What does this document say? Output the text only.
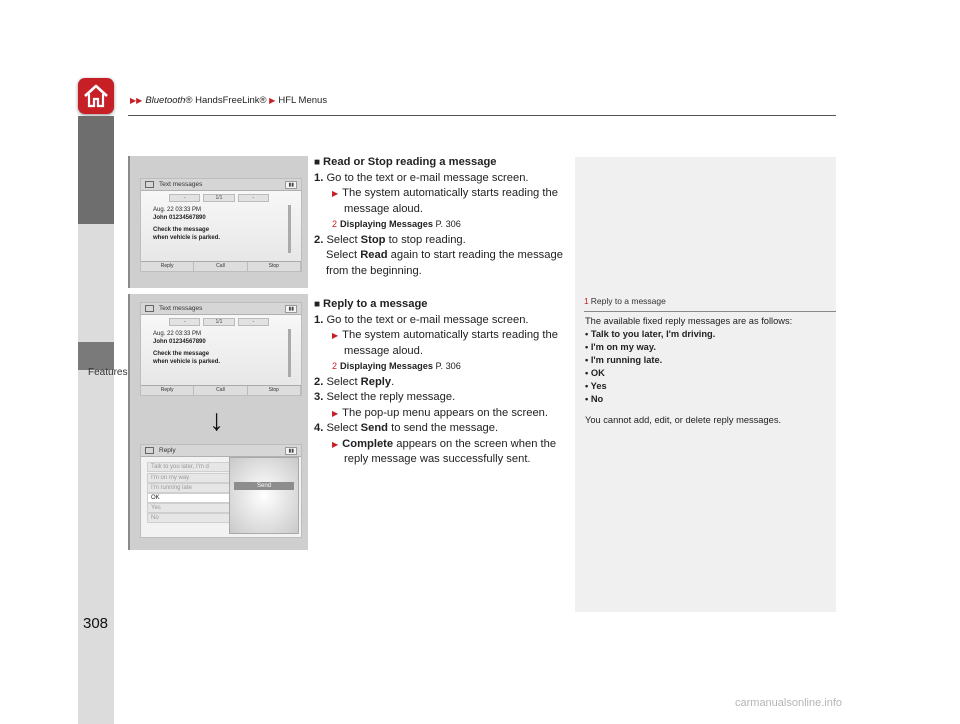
▶▶ Bluetooth® HandsFreeLink® ▶ HFL Menus
Features
Text messages	▮▮
-	1/1	-
Aug. 22 03:33 PM
John 01234567890
Check the message
when vehicle is parked.
Reply	Call	Stop
Text messages	▮▮
-	1/1	-
Aug. 22 03:33 PM
John 01234567890
Check the message
when vehicle is parked.
Reply	Call	Stop
Reply	▮▮
Talk to you later, I'm d
I'm on my way
I'm running late
OK
Yes
No
Send
↓
■ Read or Stop reading a message
1. Go to the text or e-mail message screen.
▶ The system automatically starts reading the message aloud.
2 Displaying Messages P. 306
2. Select Stop to stop reading.
Select Read again to start reading the message from the beginning.
■ Reply to a message
1. Go to the text or e-mail message screen.
▶ The system automatically starts reading the message aloud.
2 Displaying Messages P. 306
2. Select Reply.
3. Select the reply message.
▶ The pop-up menu appears on the screen.
4. Select Send to send the message.
▶ Complete appears on the screen when the reply message was successfully sent.
1 Reply to a message
The available fixed reply messages are as follows:
• Talk to you later, I'm driving.
• I'm on my way.
• I'm running late.
• OK
• Yes
• No
You cannot add, edit, or delete reply messages.
308
carmanualsonline.info
